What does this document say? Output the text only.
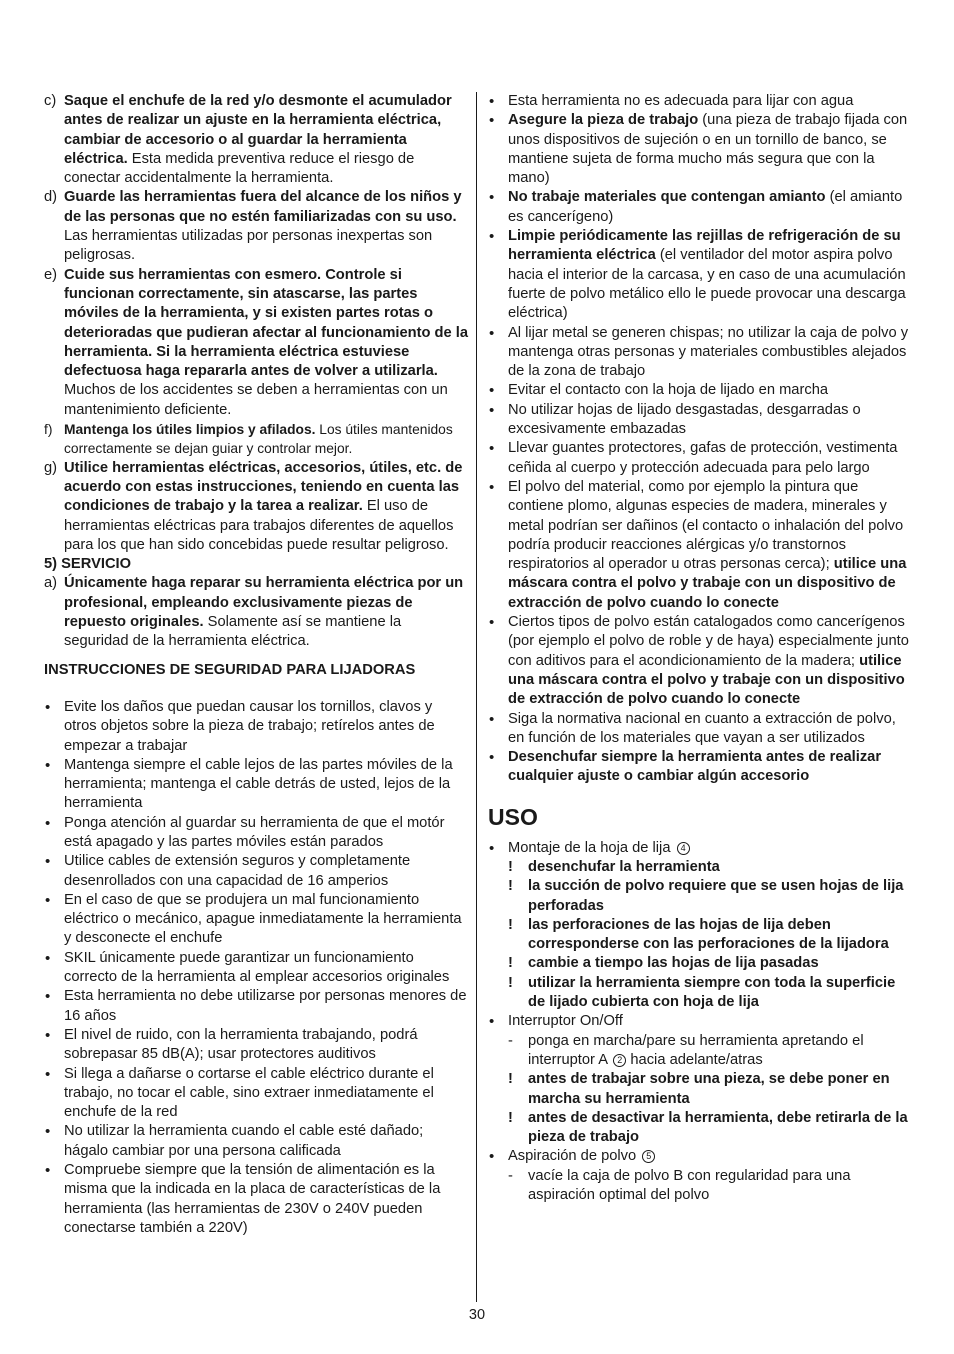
c) Saque el enchufe de la red y/o desmonte el acumulador antes de realizar un ajuste en la herramienta eléctrica, cambiar de accesorio o al guardar la herramienta eléctrica. Esta medida preventiva reduce el riesgo de conectar accidentalmente la herramienta.
d) Guarde las herramientas fuera del alcance de los niños y de las personas que no estén familiarizadas con su uso. Las herramientas utilizadas por personas inexpertas son peligrosas.
e) Cuide sus herramientas con esmero. Controle si funcionan correctamente, sin atascarse, las partes móviles de la herramienta, y si existen partes rotas o deterioradas que pudieran afectar al funcionamiento de la herramienta. Si la herramienta eléctrica estuviese defectuosa haga repararla antes de volver a utilizarla. Muchos de los accidentes se deben a herramientas con un mantenimiento deficiente.
f) Mantenga los útiles limpios y afilados. Los útiles mantenidos correctamente se dejan guiar y controlar mejor.
g) Utilice herramientas eléctricas, accesorios, útiles, etc. de acuerdo con estas instrucciones, teniendo en cuenta las condiciones de trabajo y la tarea a realizar. El uso de herramientas eléctricas para trabajos diferentes de aquellos para los que han sido concebidas puede resultar peligroso.
5) SERVICIO
a) Únicamente haga reparar su herramienta eléctrica por un profesional, empleando exclusivamente piezas de repuesto originales. Solamente así se mantiene la seguridad de la herramienta eléctrica.
INSTRUCCIONES DE SEGURIDAD PARA LIJADORAS
• Evite los daños que puedan causar los tornillos, clavos y otros objetos sobre la pieza de trabajo; retírelos antes de empezar a trabajar
• Mantenga siempre el cable lejos de las partes móviles de la herramienta; mantenga el cable detrás de usted, lejos de la herramienta
• Ponga atención al guardar su herramienta de que el motór está apagado y las partes móviles están parados
• Utilice cables de extensión seguros y completamente desenrollados con una capacidad de 16 amperios
• En el caso de que se produjera un mal funcionamiento eléctrico o mecánico, apague inmediatamente la herramienta y desconecte el enchufe
• SKIL únicamente puede garantizar un funcionamiento correcto de la herramienta al emplear accesorios originales
• Esta herramienta no debe utilizarse por personas menores de 16 años
• El nivel de ruido, con la herramienta trabajando, podrá sobrepasar 85 dB(A); usar protectores auditivos
• Si llega a dañarse o cortarse el cable eléctrico durante el trabajo, no tocar el cable, sino extraer inmediatamente el enchufe de la red
• No utilizar la herramienta cuando el cable esté dañado; hágalo cambiar por una persona calificada
• Compruebe siempre que la tensión de alimentación es la misma que la indicada en la placa de características de la herramienta (las herramientas de 230V o 240V pueden conectarse también a 220V)
• Esta herramienta no es adecuada para lijar con agua
• Asegure la pieza de trabajo (una pieza de trabajo fijada con unos dispositivos de sujeción o en un tornillo de banco, se mantiene sujeta de forma mucho más segura que con la mano)
• No trabaje materiales que contengan amianto (el amianto es cancerígeno)
• Limpie periódicamente las rejillas de refrigeración de su herramienta eléctrica (el ventilador del motor aspira polvo hacia el interior de la carcasa, y en caso de una acumulación fuerte de polvo metálico ello le puede provocar una descarga eléctrica)
• Al lijar metal se generen chispas; no utilizar la caja de polvo y mantenga otras personas y materiales combustibles alejados de la zona de trabajo
• Evitar el contacto con la hoja de lijado en marcha
• No utilizar hojas de lijado desgastadas, desgarradas o excesivamente embazadas
• Llevar guantes protectores, gafas de protección, vestimenta ceñida al cuerpo y protección adecuada para pelo largo
• El polvo del material, como por ejemplo la pintura que contiene plomo, algunas especies de madera, minerales y metal podrían ser dañinos (el contacto o inhalación del polvo podría producir reacciones alérgicas y/o transtornos respiratorios al operador u otras personas cerca); utilice una máscara contra el polvo y trabaje con un dispositivo de extracción de polvo cuando lo conecte
• Ciertos tipos de polvo están catalogados como cancerígenos (por ejemplo el polvo de roble y de haya) especialmente junto con aditivos para el acondicionamiento de la madera; utilice una máscara contra el polvo y trabaje con un dispositivo de extracción de polvo cuando lo conecte
• Siga la normativa nacional en cuanto a extracción de polvo, en función de los materiales que vayan a ser utilizados
• Desenchufar siempre la herramienta antes de realizar cualquier ajuste o cambiar algún accesorio
USO
• Montaje de la hoja de lija 4
! desenchufar la herramienta
! la succión de polvo requiere que se usen hojas de lija perforadas
! las perforaciones de las hojas de lija deben corresponderse con las perforaciones de la lijadora
! cambie a tiempo las hojas de lija pasadas
! utilizar la herramienta siempre con toda la superficie de lijado cubierta con hoja de lija
• Interruptor On/Off
- ponga en marcha/pare su herramienta apretando el interruptor A 2 hacia adelante/atras
! antes de trabajar sobre una pieza, se debe poner en marcha su herramienta
! antes de desactivar la herramienta, debe retirarla de la pieza de trabajo
• Aspiración de polvo 5
- vacíe la caja de polvo B con regularidad para una aspiración optimal del polvo
30
